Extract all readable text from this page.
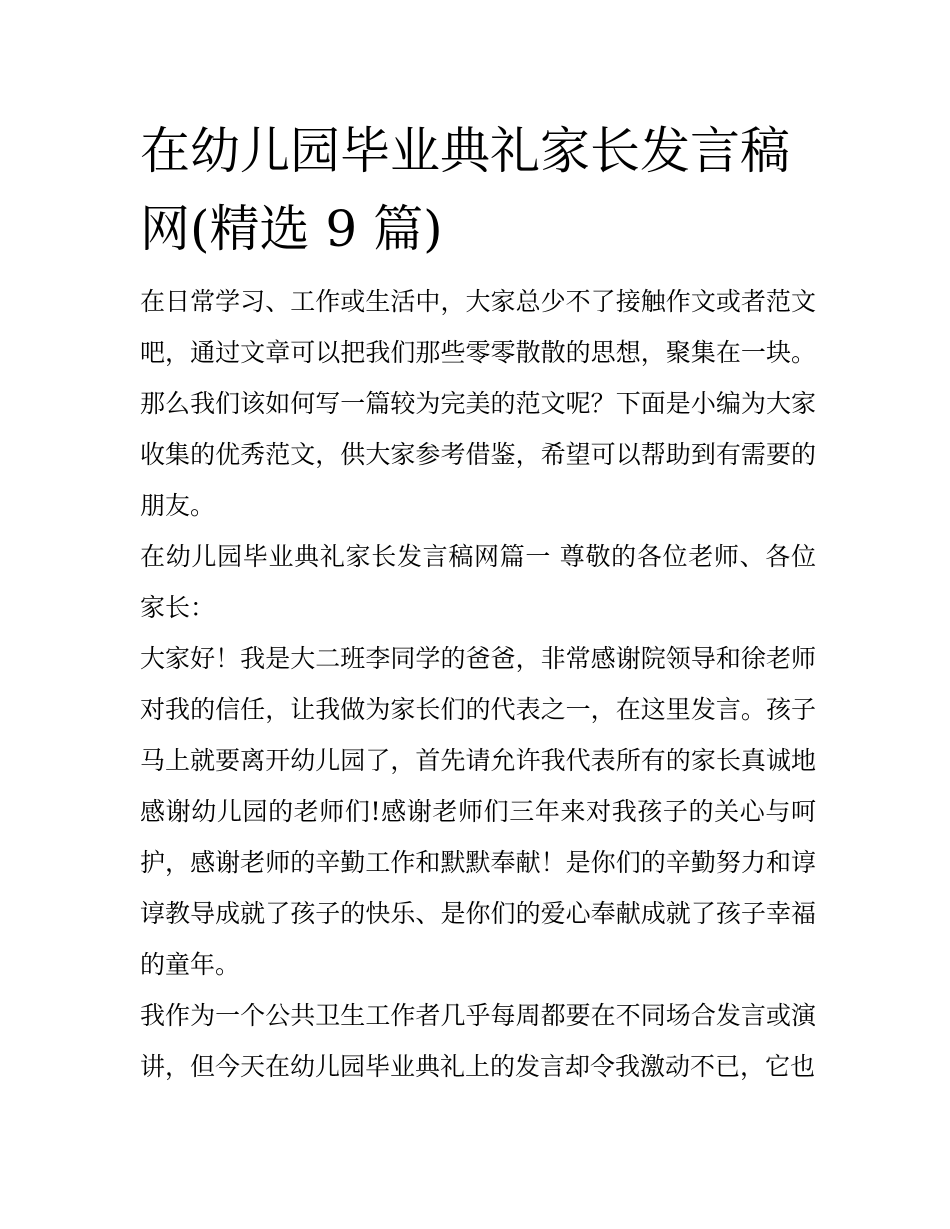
在幼儿园毕业典礼家长发言稿网(精选 9 篇)

在日常学习、工作或生活中，大家总少不了接触作文或者范文吧，通过文章可以把我们那些零零散散的思想，聚集在一块。那么我们该如何写一篇较为完美的范文呢？下面是小编为大家收集的优秀范文，供大家参考借鉴，希望可以帮助到有需要的朋友。

在幼儿园毕业典礼家长发言稿网篇一 尊敬的各位老师、各位家长：

大家好！我是大二班李同学的爸爸，非常感谢院领导和徐老师对我的信任，让我做为家长们的代表之一，在这里发言。孩子马上就要离开幼儿园了，首先请允许我代表所有的家长真诚地感谢幼儿园的老师们!感谢老师们三年来对我孩子的关心与呵护，感谢老师的辛勤工作和默默奉献！是你们的辛勤努力和谆谆教导成就了孩子的快乐、是你们的爱心奉献成就了孩子幸福的童年。

我作为一个公共卫生工作者几乎每周都要在不同场合发言或演讲，但今天在幼儿园毕业典礼上的发言却令我激动不已，它也
